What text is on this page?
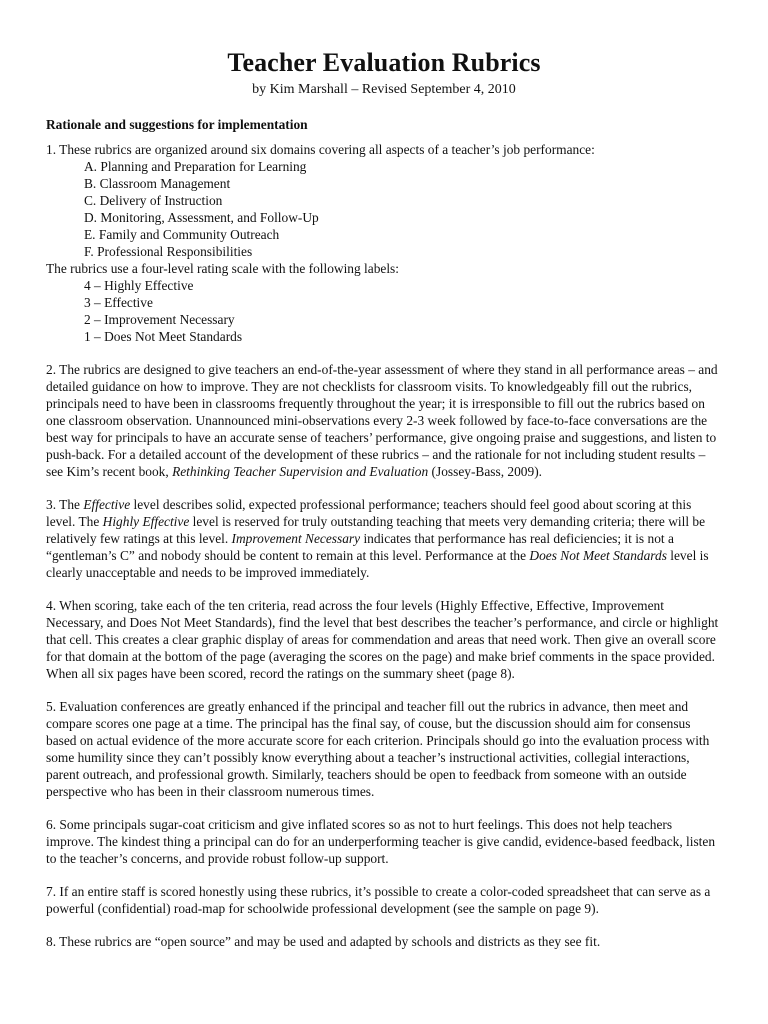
Teacher Evaluation Rubrics
by Kim Marshall – Revised September 4, 2010
Rationale and suggestions for implementation
1. These rubrics are organized around six domains covering all aspects of a teacher’s job performance:
A. Planning and Preparation for Learning
B. Classroom Management
C. Delivery of Instruction
D. Monitoring, Assessment, and Follow-Up
E. Family and Community Outreach
F. Professional Responsibilities
The rubrics use a four-level rating scale with the following labels:
4 – Highly Effective
3 – Effective
2 – Improvement Necessary
1 – Does Not Meet Standards

2. The rubrics are designed to give teachers an end-of-the-year assessment of where they stand in all performance areas – and detailed guidance on how to improve. They are not checklists for classroom visits. To knowledgeably fill out the rubrics, principals need to have been in classrooms frequently throughout the year; it is irresponsible to fill out the rubrics based on one classroom observation. Unannounced mini-observations every 2-3 week followed by face-to-face conversations are the best way for principals to have an accurate sense of teachers’ performance, give ongoing praise and suggestions, and listen to push-back. For a detailed account of the development of these rubrics – and the rationale for not including student results – see Kim’s recent book, Rethinking Teacher Supervision and Evaluation (Jossey-Bass, 2009).

3. The Effective level describes solid, expected professional performance; teachers should feel good about scoring at this level. The Highly Effective level is reserved for truly outstanding teaching that meets very demanding criteria; there will be relatively few ratings at this level. Improvement Necessary indicates that performance has real deficiencies; it is not a “gentleman’s C” and nobody should be content to remain at this level. Performance at the Does Not Meet Standards level is clearly unacceptable and needs to be improved immediately.

4. When scoring, take each of the ten criteria, read across the four levels (Highly Effective, Effective, Improvement Necessary, and Does Not Meet Standards), find the level that best describes the teacher’s performance, and circle or highlight that cell. This creates a clear graphic display of areas for commendation and areas that need work. Then give an overall score for that domain at the bottom of the page (averaging the scores on the page) and make brief comments in the space provided. When all six pages have been scored, record the ratings on the summary sheet (page 8).

5. Evaluation conferences are greatly enhanced if the principal and teacher fill out the rubrics in advance, then meet and compare scores one page at a time. The principal has the final say, of couse, but the discussion should aim for consensus based on actual evidence of the more accurate score for each criterion. Principals should go into the evaluation process with some humility since they can’t possibly know everything about a teacher’s instructional activities, collegial interactions, parent outreach, and professional growth. Similarly, teachers should be open to feedback from someone with an outside perspective who has been in their classroom numerous times.

6. Some principals sugar-coat criticism and give inflated scores so as not to hurt feelings. This does not help teachers improve. The kindest thing a principal can do for an underperforming teacher is give candid, evidence-based feedback, listen to the teacher’s concerns, and provide robust follow-up support.

7. If an entire staff is scored honestly using these rubrics, it’s possible to create a color-coded spreadsheet that can serve as a powerful (confidential) road-map for schoolwide professional development (see the sample on page 9).

8. These rubrics are “open source” and may be used and adapted by schools and districts as they see fit.
